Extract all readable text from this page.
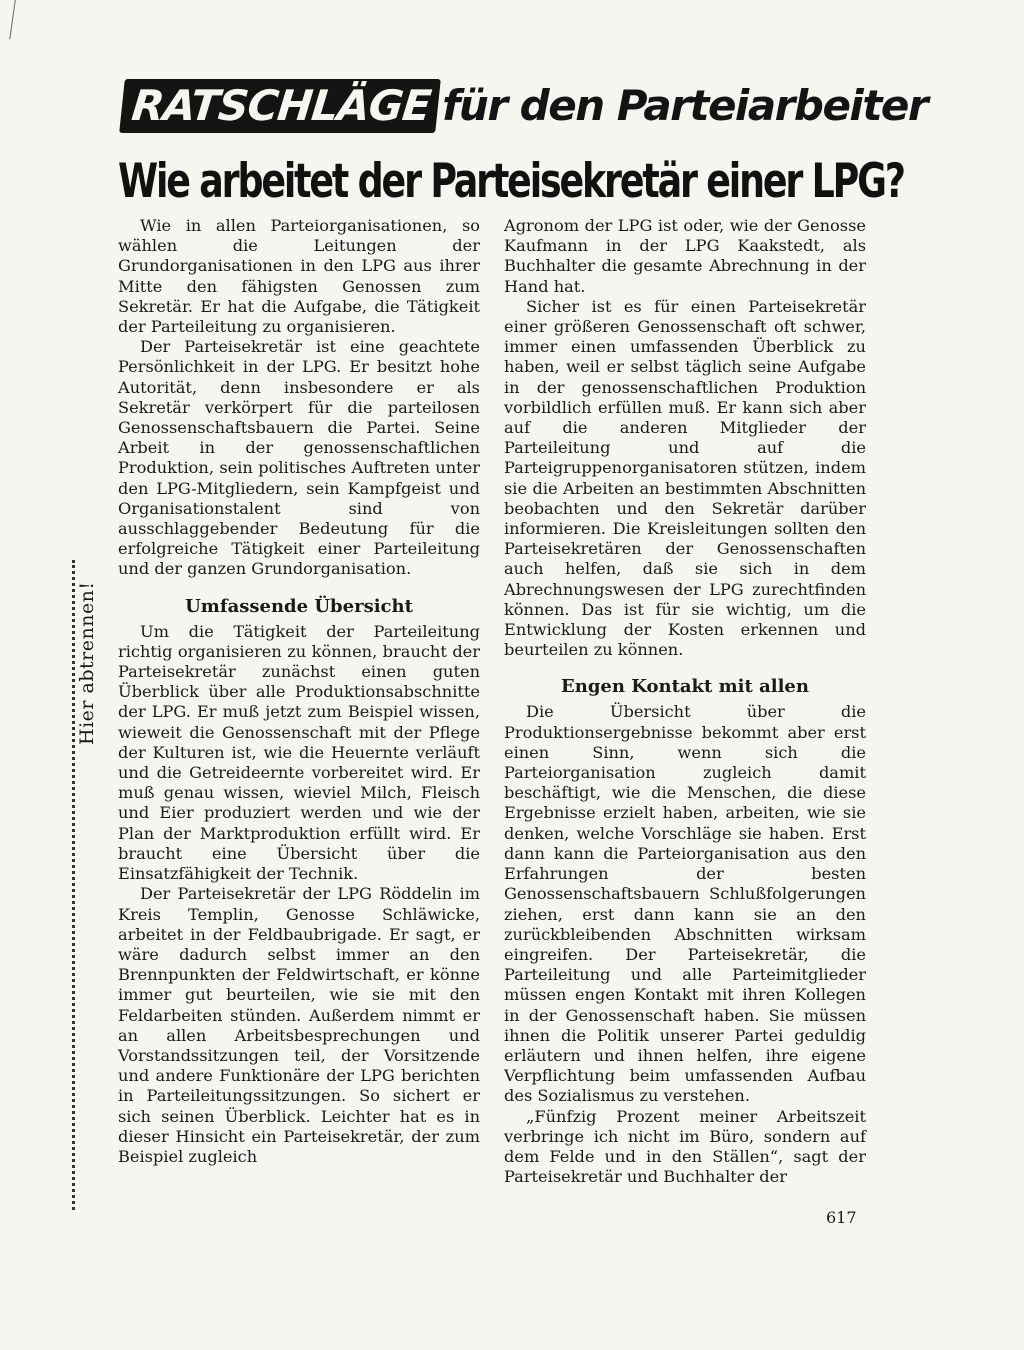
Hier abtrennen!
RATSCHLÄGE für den Parteiarbeiter
Wie arbeitet der Parteisekretär einer LPG?

Wie in allen Parteiorganisationen, so wählen die Leitungen der Grundorganisationen in den LPG aus ihrer Mitte den fähigsten Genossen zum Sekretär. Er hat die Aufgabe, die Tätigkeit der Parteileitung zu organisieren.

Der Parteisekretär ist eine geachtete Persönlichkeit in der LPG. Er besitzt hohe Autorität, denn insbesondere er als Sekretär verkörpert für die parteilosen Genossenschaftsbauern die Partei. Seine Arbeit in der genossenschaftlichen Produktion, sein politisches Auftreten unter den LPG-Mitgliedern, sein Kampfgeist und Organisationstalent sind von ausschlaggebender Bedeutung für die erfolgreiche Tätigkeit einer Parteileitung und der ganzen Grundorganisation.

Umfassende Übersicht

Um die Tätigkeit der Parteileitung richtig organisieren zu können, braucht der Parteisekretär zunächst einen guten Überblick über alle Produktionsabschnitte der LPG. Er muß jetzt zum Beispiel wissen, wieweit die Genossenschaft mit der Pflege der Kulturen ist, wie die Heuernte verläuft und die Getreideernte vorbereitet wird. Er muß genau wissen, wieviel Milch, Fleisch und Eier produziert werden und wie der Plan der Marktproduktion erfüllt wird. Er braucht eine Übersicht über die Einsatzfähigkeit der Technik.

Der Parteisekretär der LPG Röddelin im Kreis Templin, Genosse Schläwicke, arbeitet in der Feldbaubrigade. Er sagt, er wäre dadurch selbst immer an den Brennpunkten der Feldwirtschaft, er könne immer gut beurteilen, wie sie mit den Feldarbeiten stünden. Außerdem nimmt er an allen Arbeitsbesprechungen und Vorstandssitzungen teil, der Vorsitzende und andere Funktionäre der LPG berichten in Parteileitungssitzungen. So sichert er sich seinen Überblick. Leichter hat es in dieser Hinsicht ein Parteisekretär, der zum Beispiel zugleich

Agronom der LPG ist oder, wie der Genosse Kaufmann in der LPG Kaakstedt, als Buchhalter die gesamte Abrechnung in der Hand hat.

Sicher ist es für einen Parteisekretär einer größeren Genossenschaft oft schwer, immer einen umfassenden Überblick zu haben, weil er selbst täglich seine Aufgabe in der genossenschaftlichen Produktion vorbildlich erfüllen muß. Er kann sich aber auf die anderen Mitglieder der Parteileitung und auf die Parteigruppenorganisatoren stützen, indem sie die Arbeiten an bestimmten Abschnitten beobachten und den Sekretär darüber informieren. Die Kreisleitungen sollten den Parteisekretären der Genossenschaften auch helfen, daß sie sich in dem Abrechnungswesen der LPG zurechtfinden können. Das ist für sie wichtig, um die Entwicklung der Kosten erkennen und beurteilen zu können.

Engen Kontakt mit allen

Die Übersicht über die Produktionsergebnisse bekommt aber erst einen Sinn, wenn sich die Parteiorganisation zugleich damit beschäftigt, wie die Menschen, die diese Ergebnisse erzielt haben, arbeiten, wie sie denken, welche Vorschläge sie haben. Erst dann kann die Parteiorganisation aus den Erfahrungen der besten Genossenschaftsbauern Schlußfolgerungen ziehen, erst dann kann sie an den zurückbleibenden Abschnitten wirksam eingreifen. Der Parteisekretär, die Parteileitung und alle Parteimitglieder müssen engen Kontakt mit ihren Kollegen in der Genossenschaft haben. Sie müssen ihnen die Politik unserer Partei geduldig erläutern und ihnen helfen, ihre eigene Verpflichtung beim umfassenden Aufbau des Sozialismus zu verstehen.

„Fünfzig Prozent meiner Arbeitszeit verbringe ich nicht im Büro, sondern auf dem Felde und in den Ställen“, sagt der Parteisekretär und Buchhalter der

617
